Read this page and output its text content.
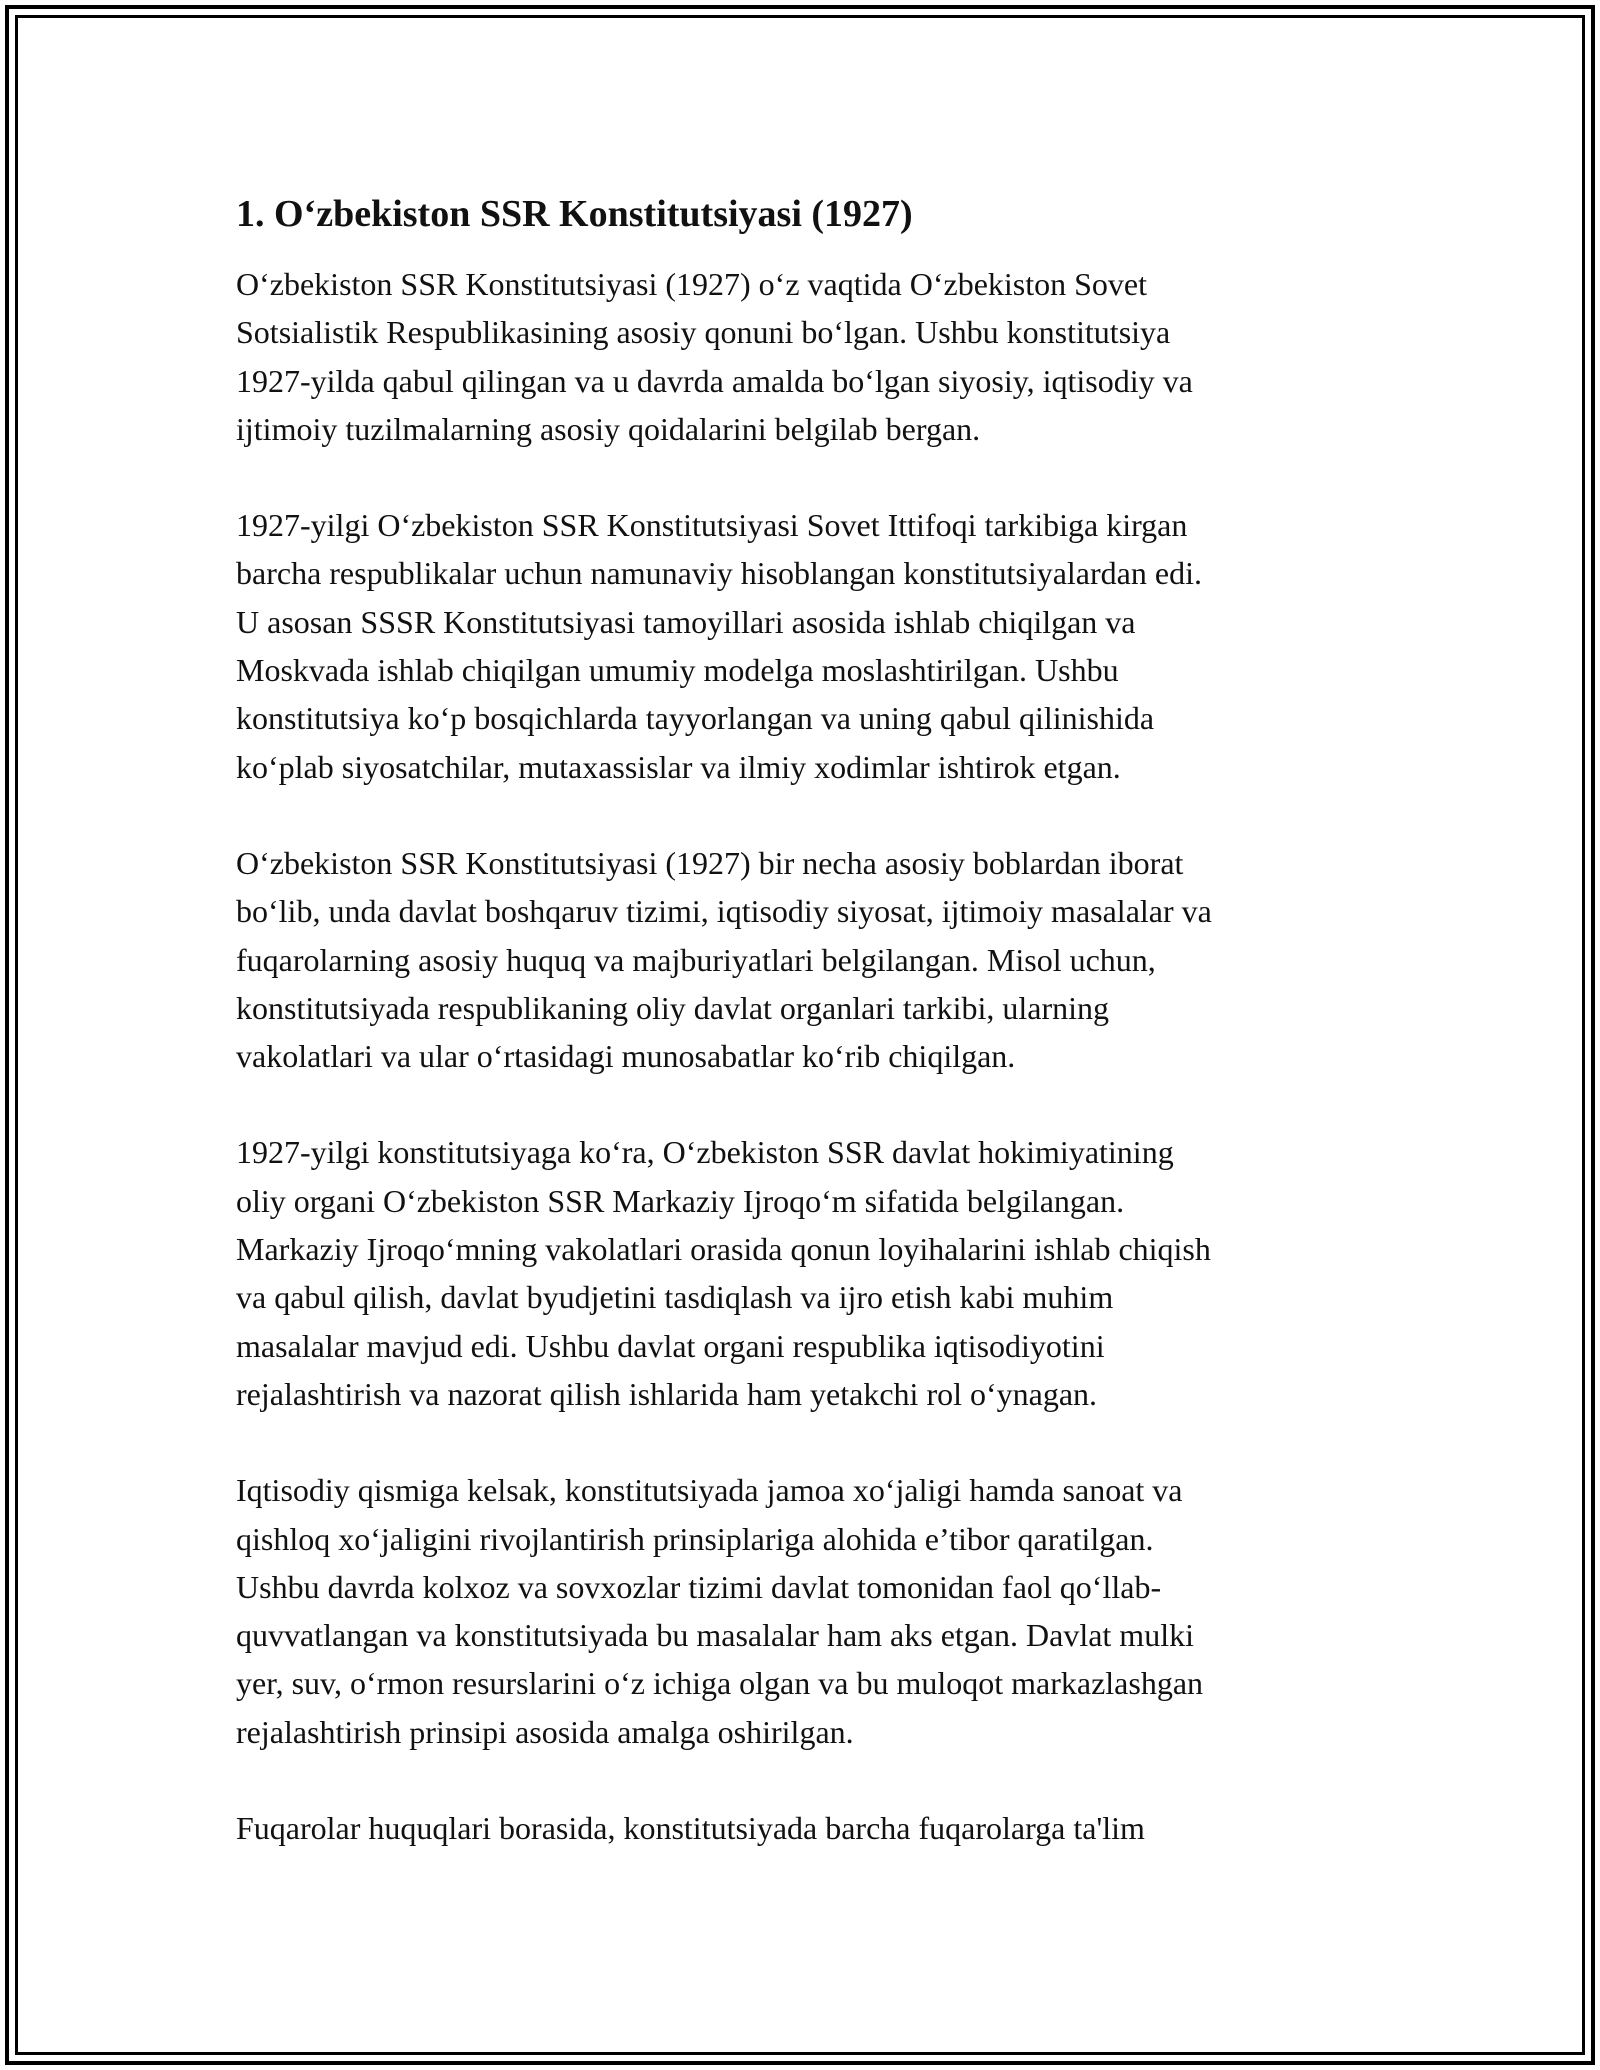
1. O‘zbekiston SSR Konstitutsiyasi (1927)
O‘zbekiston SSR Konstitutsiyasi (1927) o‘z vaqtida O‘zbekiston Sovet
Sotsialistik Respublikasining asosiy qonuni bo‘lgan. Ushbu konstitutsiya
1927-yilda qabul qilingan va u davrda amalda bo‘lgan siyosiy, iqtisodiy va
ijtimoiy tuzilmalarning asosiy qoidalarini belgilab bergan.
1927-yilgi O‘zbekiston SSR Konstitutsiyasi Sovet Ittifoqi tarkibiga kirgan
barcha respublikalar uchun namunaviy hisoblangan konstitutsiyalardan edi.
U asosan SSSR Konstitutsiyasi tamoyillari asosida ishlab chiqilgan va
Moskvada ishlab chiqilgan umumiy modelga moslashtirilgan. Ushbu
konstitutsiya ko‘p bosqichlarda tayyorlangan va uning qabul qilinishida
ko‘plab siyosatchilar, mutaxassislar va ilmiy xodimlar ishtirok etgan.
O‘zbekiston SSR Konstitutsiyasi (1927) bir necha asosiy boblardan iborat
bo‘lib, unda davlat boshqaruv tizimi, iqtisodiy siyosat, ijtimoiy masalalar va
fuqarolarning asosiy huquq va majburiyatlari belgilangan. Misol uchun,
konstitutsiyada respublikaning oliy davlat organlari tarkibi, ularning
vakolatlari va ular o‘rtasidagi munosabatlar ko‘rib chiqilgan.
1927-yilgi konstitutsiyaga ko‘ra, O‘zbekiston SSR davlat hokimiyatining
oliy organi O‘zbekiston SSR Markaziy Ijroqo‘m sifatida belgilangan.
Markaziy Ijroqo‘mning vakolatlari orasida qonun loyihalarini ishlab chiqish
va qabul qilish, davlat byudjetini tasdiqlash va ijro etish kabi muhim
masalalar mavjud edi. Ushbu davlat organi respublika iqtisodiyotini
rejalashtirish va nazorat qilish ishlarida ham yetakchi rol o‘ynagan.
Iqtisodiy qismiga kelsak, konstitutsiyada jamoa xo‘jaligi hamda sanoat va
qishloq xo‘jaligini rivojlantirish prinsiplariga alohida e’tibor qaratilgan.
Ushbu davrda kolxoz va sovxozlar tizimi davlat tomonidan faol qo‘llab-
quvvatlangan va konstitutsiyada bu masalalar ham aks etgan. Davlat mulki
yer, suv, o‘rmon resurslarini o‘z ichiga olgan va bu muloqot markazlashgan
rejalashtirish prinsipi asosida amalga oshirilgan.
Fuqarolar huquqlari borasida, konstitutsiyada barcha fuqarolarga ta'lim
